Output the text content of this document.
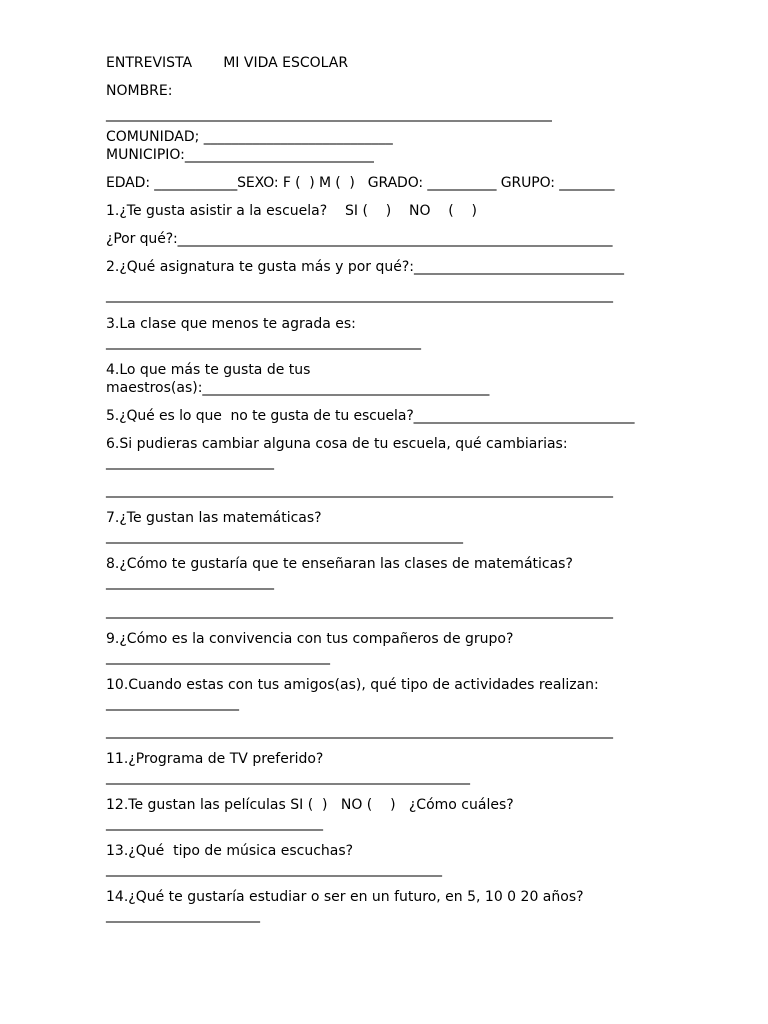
ENTREVISTA       MI VIDA ESCOLAR
NOMBRE:
____________________________________________________________________
COMUNIDAD; ___________________________
MUNICIPIO:___________________________
EDAD: ____________SEXO: F (  ) M (  )   GRADO: __________ GRUPO: ________
1.¿Te gusta asistir a la escuela?    SI (    )    NO    (    )
¿Por qué?:_______________________________________________________________
2.¿Qué asignatura te gusta más y por qué?:______________________________
__________________________________________________________________________
3.La clase que menos te agrada es:
_____________________________________________
4.Lo que más te gusta de tus
maestros(as):_________________________________________
5.¿Qué es lo que  no te gusta de tu escuela?________________________________
6.Si pudieras cambiar alguna cosa de tu escuela, qué cambiarias:
________________________
__________________________________________________________________________
7.¿Te gustan las matemáticas?
___________________________________________________
8.¿Cómo te gustaría que te enseñaran las clases de matemáticas?
________________________
__________________________________________________________________________
9.¿Cómo es la convivencia con tus compañeros de grupo?
________________________________
10.Cuando estas con tus amigos(as), qué tipo de actividades realizan:
___________________
__________________________________________________________________________
11.¿Programa de TV preferido?
____________________________________________________
12.Te gustan las películas SI (  )   NO (    )   ¿Cómo cuáles?
_______________________________
13.¿Qué  tipo de música escuchas?
________________________________________________
14.¿Qué te gustaría estudiar o ser en un futuro, en 5, 10 0 20 años?
______________________
